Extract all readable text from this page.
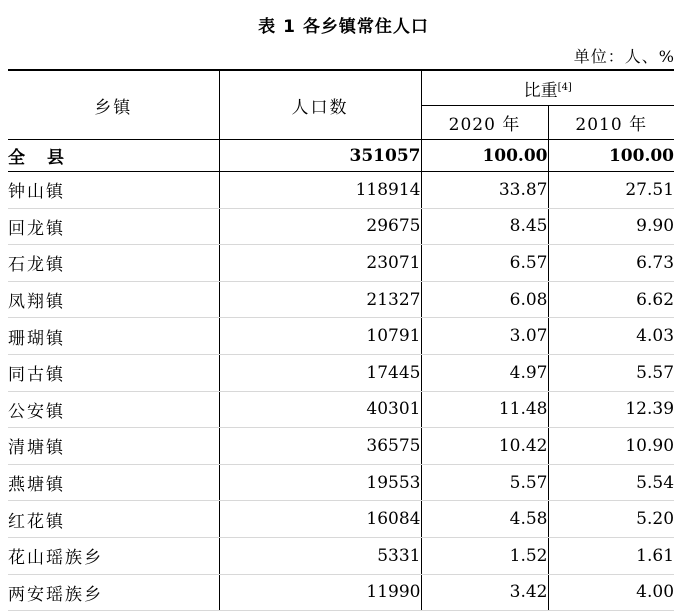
表 1 各乡镇常住人口
单位：人、%
乡镇	人口数	比重[4]
		2020 年	2010 年
全县	351057	100.00	100.00
钟山镇	118914	33.87	27.51
回龙镇	29675	8.45	9.90
石龙镇	23071	6.57	6.73
凤翔镇	21327	6.08	6.62
珊瑚镇	10791	3.07	4.03
同古镇	17445	4.97	5.57
公安镇	40301	11.48	12.39
清塘镇	36575	10.42	10.90
燕塘镇	19553	5.57	5.54
红花镇	16084	4.58	5.20
花山瑶族乡	5331	1.52	1.61
两安瑶族乡	11990	3.42	4.00
